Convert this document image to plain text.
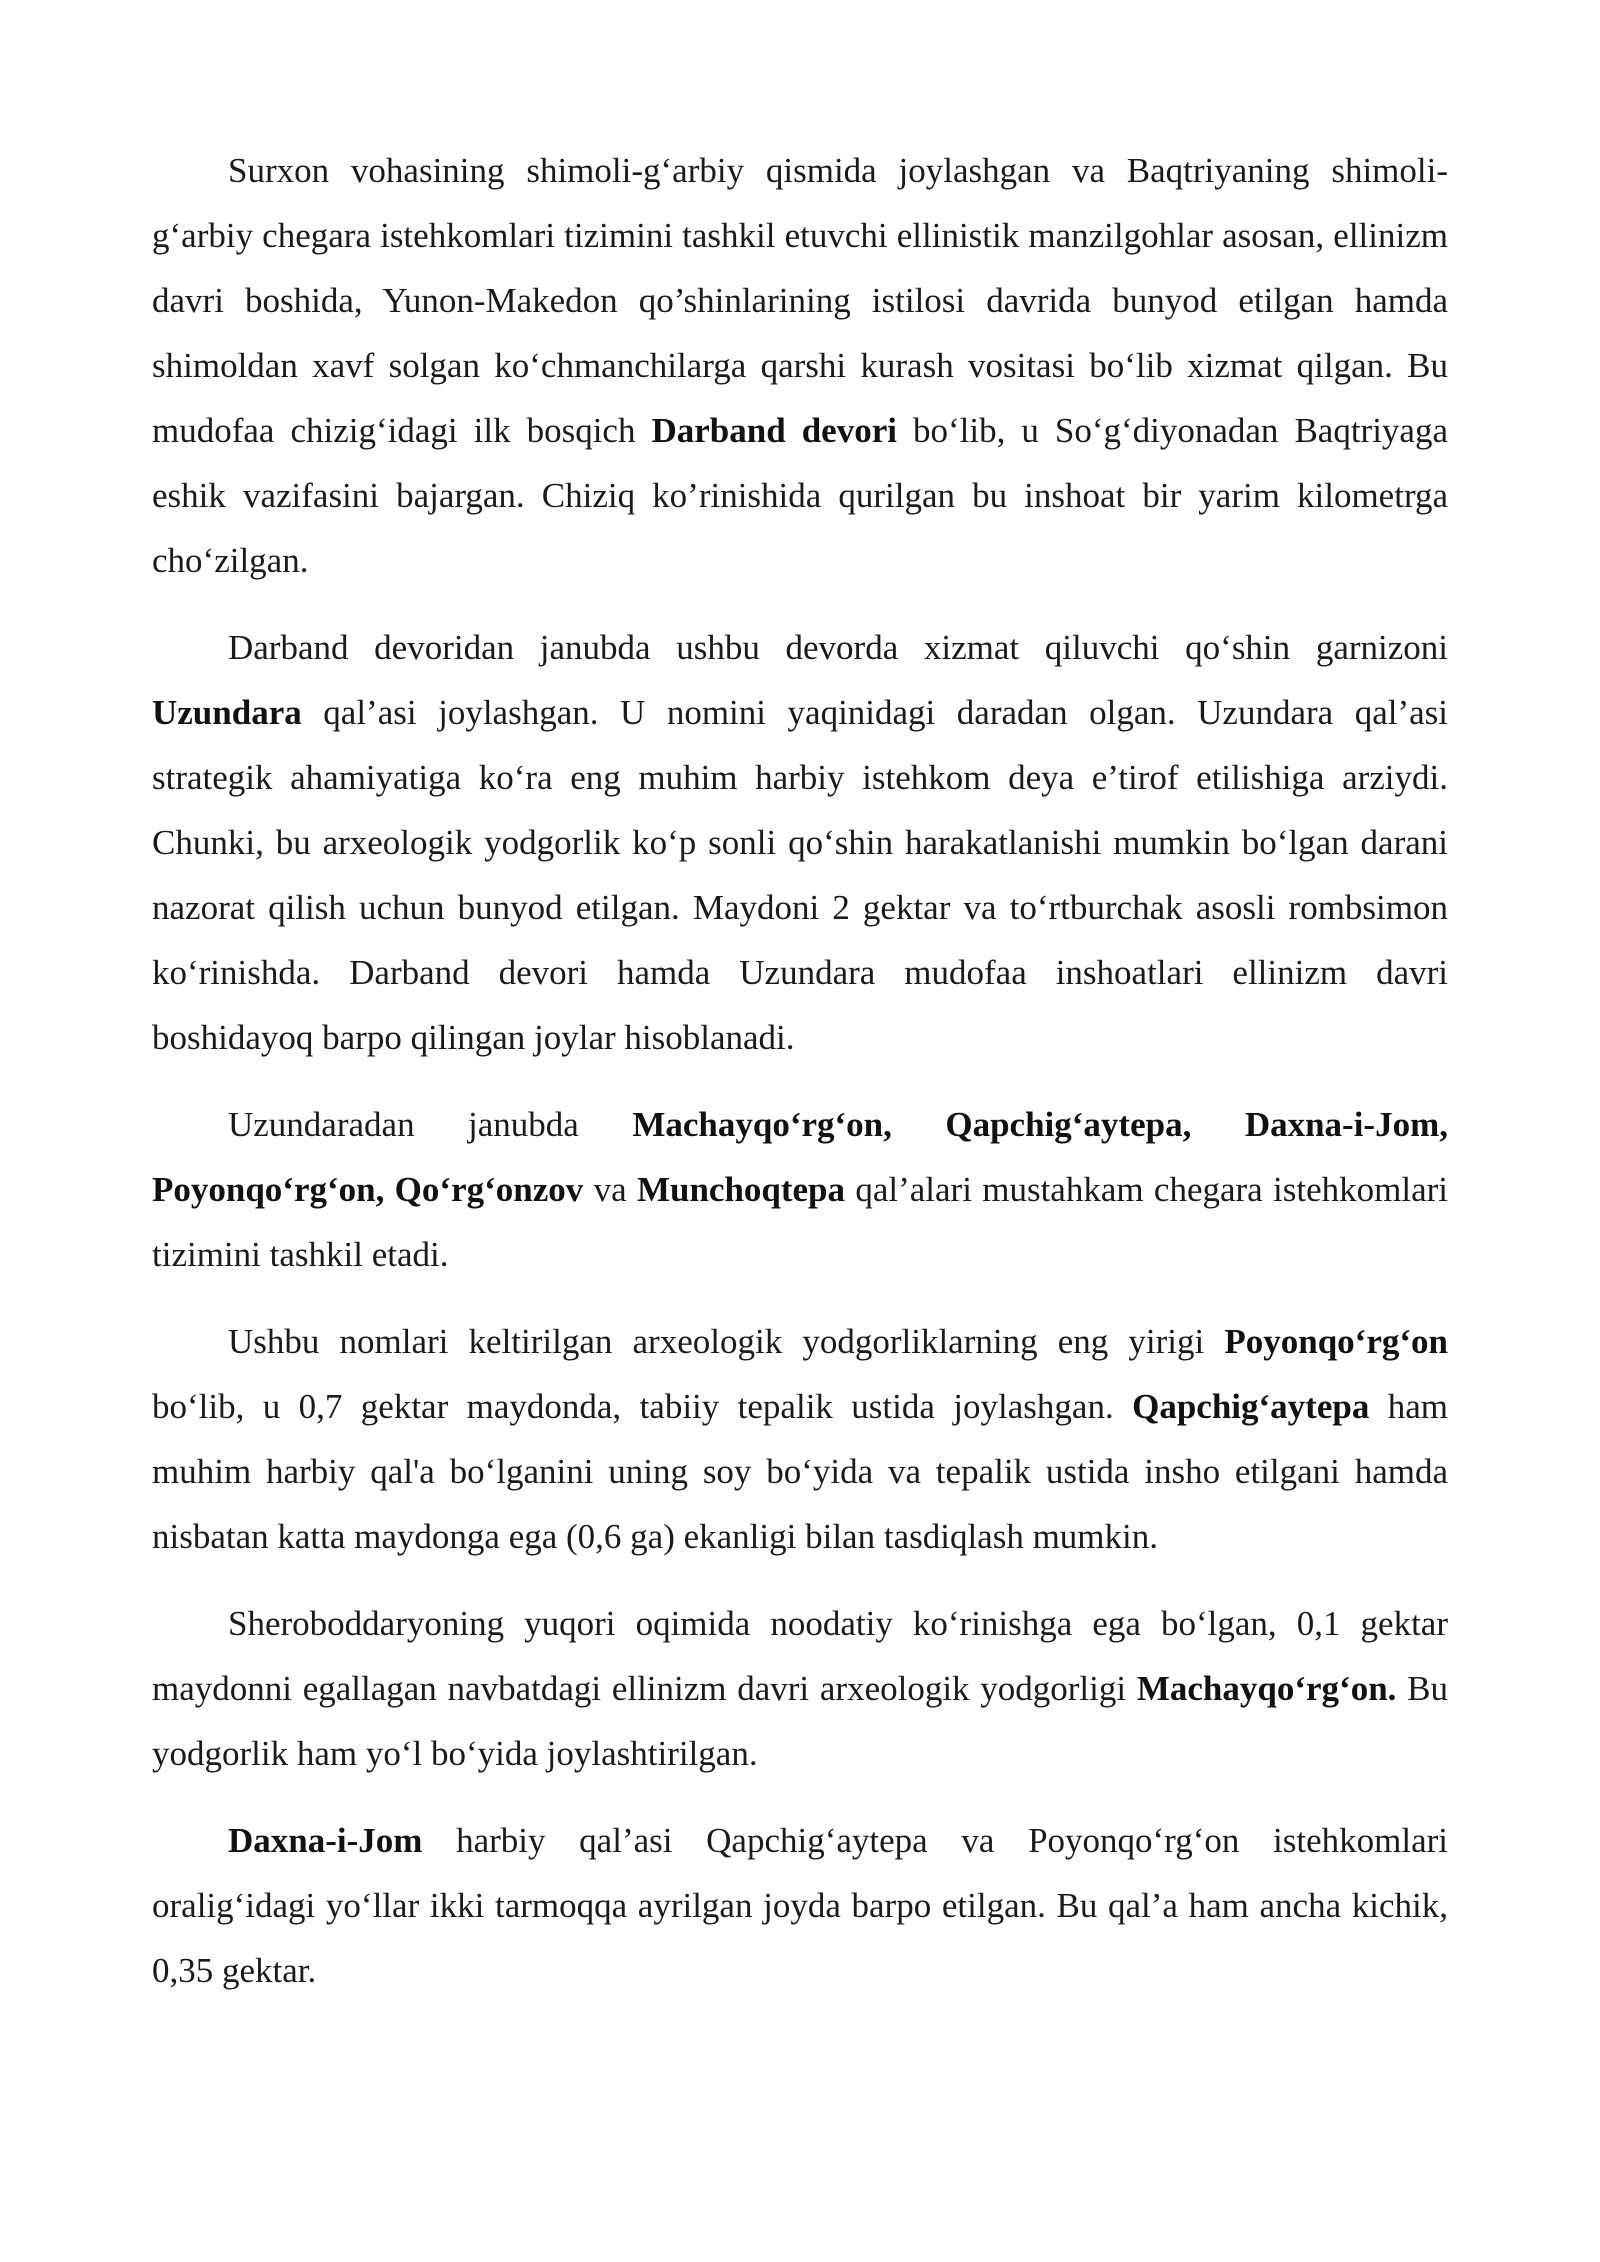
Surxon vohasining shimoli-g‘arbiy qismida joylashgan va Baqtriyaning shimoli-g‘arbiy chegara istehkomlari tizimini tashkil etuvchi ellinistik manzilgohlar asosan, ellinizm davri boshida, Yunon-Makedon qo’shinlarining istilosi davrida bunyod etilgan hamda shimoldan xavf solgan ko‘chmanchilarga qarshi kurash vositasi bo‘lib xizmat qilgan. Bu mudofaa chizig‘idagi ilk bosqich Darband devori bo‘lib, u So‘g‘diyonadan Baqtriyaga eshik vazifasini bajargan. Chiziq ko’rinishida qurilgan bu inshoat bir yarim kilometrga cho‘zilgan.

Darband devoridan janubda ushbu devorda xizmat qiluvchi qo‘shin garnizoni Uzundara qal’asi joylashgan. U nomini yaqinidagi daradan olgan. Uzundara qal’asi strategik ahamiyatiga ko‘ra eng muhim harbiy istehkom deya e’tirof etilishiga arziydi. Chunki, bu arxeologik yodgorlik ko‘p sonli qo‘shin harakatlanishi mumkin bo‘lgan darani nazorat qilish uchun bunyod etilgan. Maydoni 2 gektar va to‘rtburchak asosli rombsimon ko‘rinishda. Darband devori hamda Uzundara mudofaa inshoatlari ellinizm davri boshidayoq barpo qilingan joylar hisoblanadi.

Uzundaradan janubda Machayqo‘rg‘on, Qapchig‘aytepa, Daxna-i-Jom, Poyonqo‘rg‘on, Qo‘rg‘onzov va Munchoqtepa qal’alari mustahkam chegara istehkomlari tizimini tashkil etadi.

Ushbu nomlari keltirilgan arxeologik yodgorliklarning eng yirigi Poyonqo‘rg‘on bo‘lib, u 0,7 gektar maydonda, tabiiy tepalik ustida joylashgan. Qapchig‘aytepa ham muhim harbiy qal'a bo‘lganini uning soy bo‘yida va tepalik ustida insho etilgani hamda nisbatan katta maydonga ega (0,6 ga) ekanligi bilan tasdiqlash mumkin.

Sheroboddaryoning yuqori oqimida noodatiy ko‘rinishga ega bo‘lgan, 0,1 gektar maydonni egallagan navbatdagi ellinizm davri arxeologik yodgorligi Machayqo‘rg‘on. Bu yodgorlik ham yo‘l bo‘yida joylashtirilgan.

Daxna-i-Jom harbiy qal’asi Qapchig‘aytepa va Poyonqo‘rg‘on istehkomlari oralig‘idagi yo‘llar ikki tarmoqqa ayrilgan joyda barpo etilgan. Bu qal’a ham ancha kichik, 0,35 gektar.
